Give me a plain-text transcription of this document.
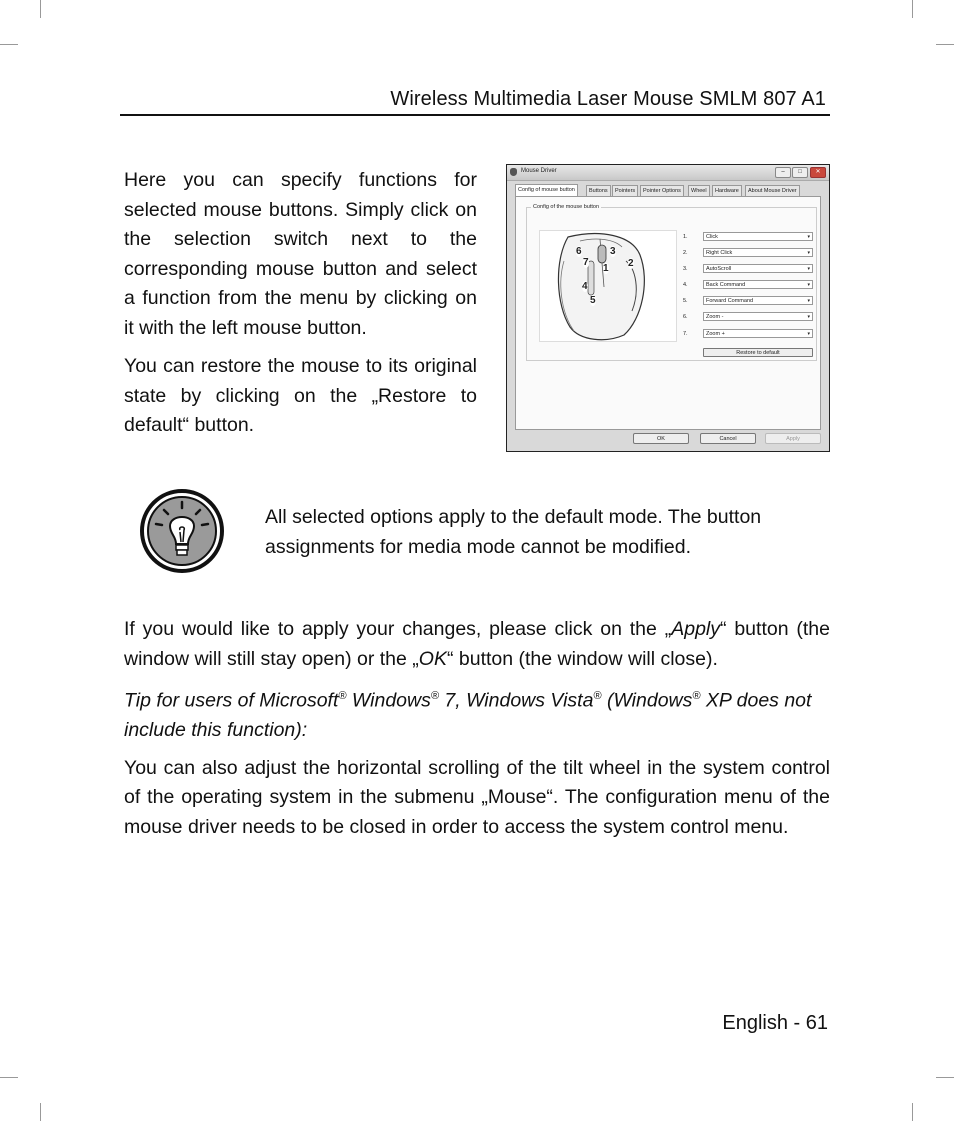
Wireless Multimedia Laser Mouse SMLM 807 A1

Here you can specify functions for selected mouse buttons. Simply click on the selection switch next to the corresponding mouse button and select a function from the menu by clicking on it with the left mouse button.

You can restore the mouse to its original state by clicking on the „Restore to default“ button.

Mouse Driver	–	□	✕
Config of mouse button	Buttons	Pointers	Pointer Options	Wheel	Hardware	About Mouse Driver
Config of the mouse button
6
7
3
1 2
4
5
1.	Click	▾
2.	Right Click	▾
3.	AutoScroll	▾
4.	Back Command	▾
5.	Forward Command	▾
6.	Zoom -	▾
7.	Zoom +	▾
Restore to default
OK	Cancel	Apply
All selected options apply to the default mode. The button assignments for media mode cannot be modified.

If you would like to apply your changes, please click on the „Apply“ button (the window will still stay open) or the „OK“ button (the window will close).

Tip for users of Microsoft® Windows® 7, Windows Vista® (Windows® XP does not include this function):

You can also adjust the horizontal scrolling of the tilt wheel in the system control of the operating system in the submenu „Mouse“. The configuration menu of the mouse driver needs to be closed in order to access the system control menu.

English - 61
